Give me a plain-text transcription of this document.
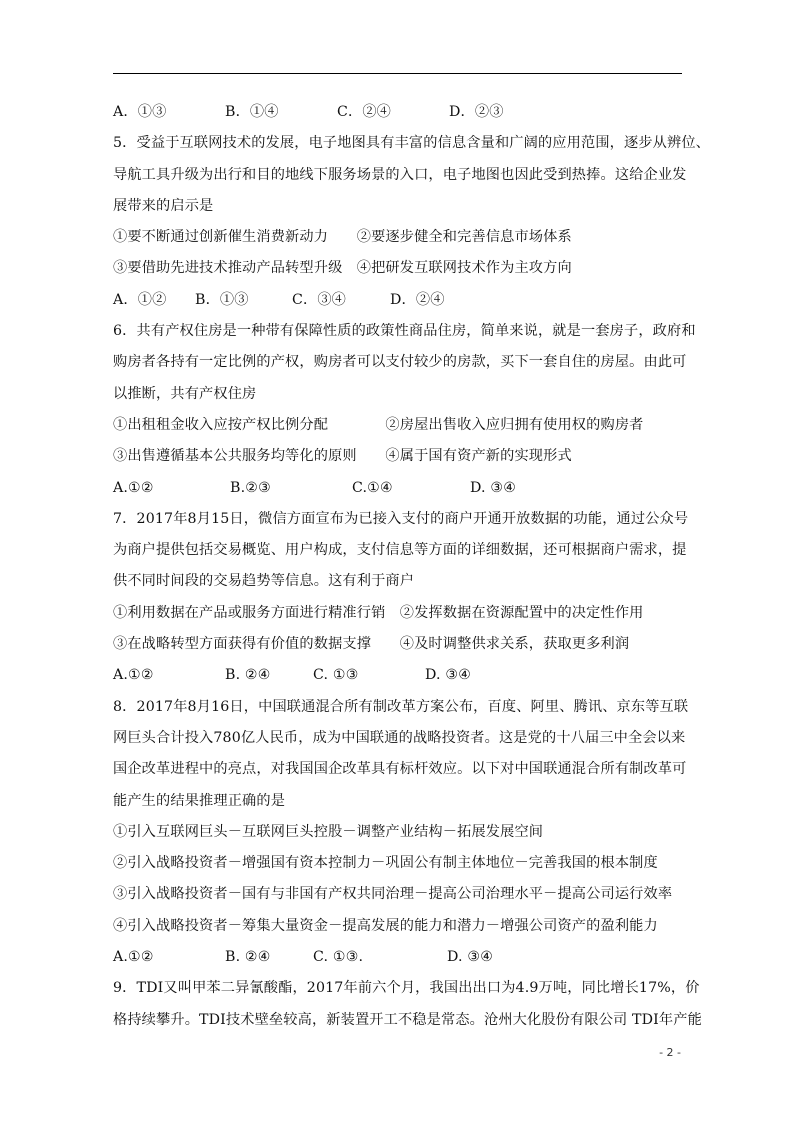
A．①③	B．①④	C．②④	D．②③
5．受益于互联网技术的发展，电子地图具有丰富的信息含量和广阔的应用范围，逐步从辨位、
导航工具升级为出行和目的地线下服务场景的入口，电子地图也因此受到热捧。这给企业发
展带来的启示是
①要不断通过创新催生消费新动力　　②要逐步健全和完善信息市场体系
③要借助先进技术推动产品转型升级　④把研发互联网技术作为主攻方向
A．①②	B．①③	C．③④	D．②④
6．共有产权住房是一种带有保障性质的政策性商品住房，简单来说，就是一套房子，政府和
购房者各持有一定比例的产权，购房者可以支付较少的房款，买下一套自住的房屋。由此可
以推断，共有产权住房
①出租租金收入应按产权比例分配　　　　②房屋出售收入应归拥有使用权的购房者
③出售遵循基本公共服务均等化的原则　　④属于国有资产新的实现形式
A.①②	B.②③	C.①④	D. ③④
7．2017年8月15日，微信方面宣布为已接入支付的商户开通开放数据的功能，通过公众号
为商户提供包括交易概览、用户构成，支付信息等方面的详细数据，还可根据商户需求，提
供不同时间段的交易趋势等信息。这有利于商户
①利用数据在产品或服务方面进行精准行销　②发挥数据在资源配置中的决定性作用
③在战略转型方面获得有价值的数据支撑　　④及时调整供求关系，获取更多利润
A.①②	B. ②④	C. ①③	D. ③④
8．2017年8月16日，中国联通混合所有制改革方案公布，百度、阿里、腾讯、京东等互联
网巨头合计投入780亿人民币，成为中国联通的战略投资者。这是党的十八届三中全会以来
国企改革进程中的亮点，对我国国企改革具有标杆效应。以下对中国联通混合所有制改革可
能产生的结果推理正确的是
①引入互联网巨头－互联网巨头控股－调整产业结构－拓展发展空间
②引入战略投资者－增强国有资本控制力－巩固公有制主体地位－完善我国的根本制度
③引入战略投资者－国有与非国有产权共同治理－提高公司治理水平－提高公司运行效率
④引入战略投资者－筹集大量资金－提高发展的能力和潜力－增强公司资产的盈利能力
A.①②	B. ②④	C. ①③.	D. ③④
9．TDI又叫甲苯二异氰酸酯，2017年前六个月，我国出出口为4.9万吨，同比增长17%，价
格持续攀升。TDI技术壁垒较高，新装置开工不稳是常态。沧州大化股份有限公司 TDI年产能
- 2 -
